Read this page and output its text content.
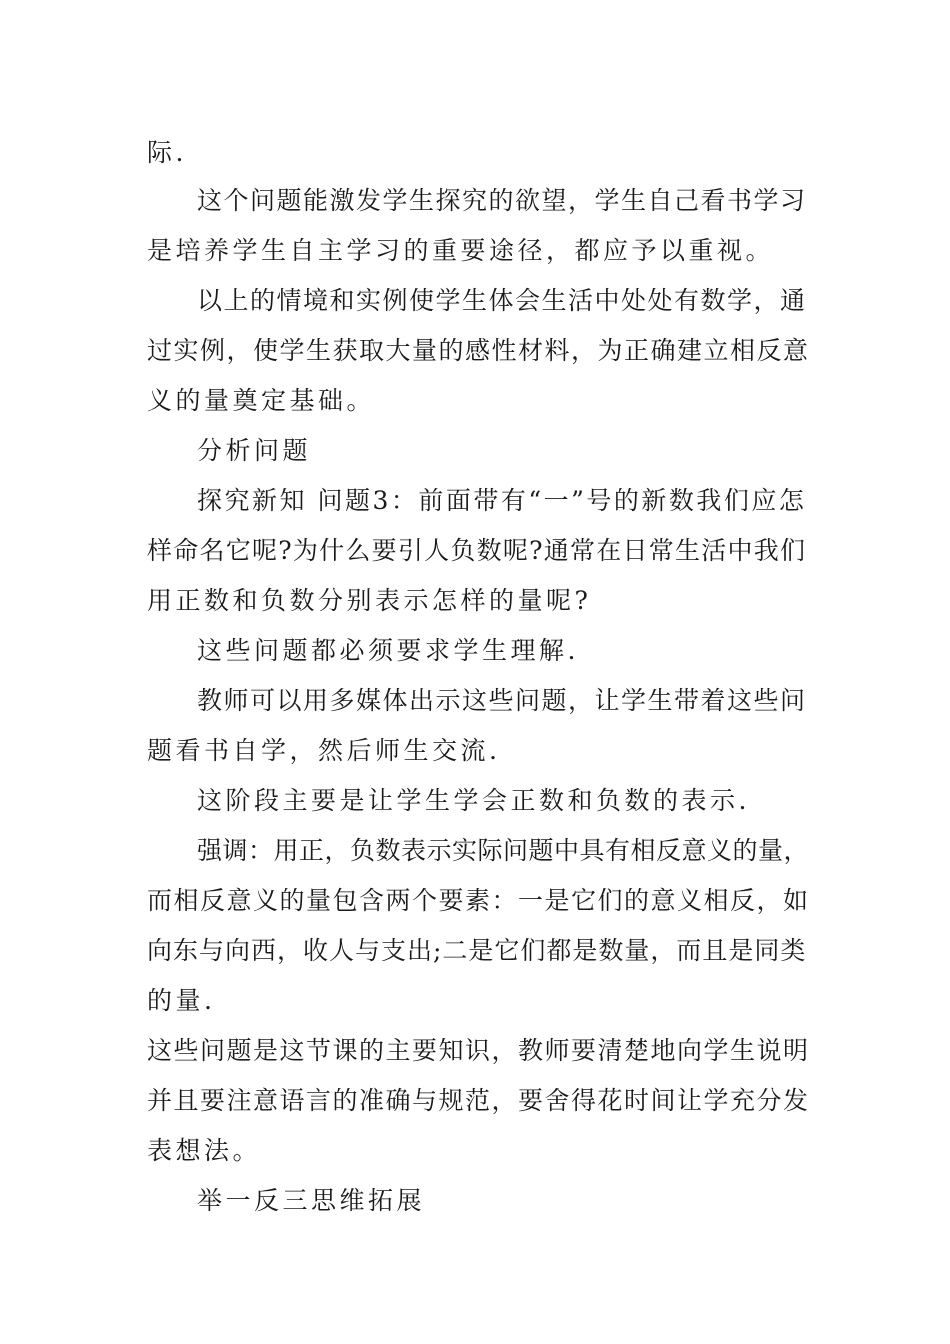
际.
这个问题能激发学生探究的欲望，学生自己看书学习
是培养学生自主学习的重要途径，都应予以重视。
以上的情境和实例使学生体会生活中处处有数学，通
过实例，使学生获取大量的感性材料，为正确建立相反意
义的量奠定基础。
分析问题
探究新知 问题3：前面带有“一”号的新数我们应怎
样命名它呢?为什么要引人负数呢?通常在日常生活中我们
用正数和负数分别表示怎样的量呢?
这些问题都必须要求学生理解.
教师可以用多媒体出示这些问题，让学生带着这些问
题看书自学，然后师生交流.
这阶段主要是让学生学会正数和负数的表示.
强调：用正，负数表示实际问题中具有相反意义的量，
而相反意义的量包含两个要素：一是它们的意义相反，如
向东与向西，收人与支出;二是它们都是数量，而且是同类
的量.
这些问题是这节课的主要知识，教师要清楚地向学生说明
并且要注意语言的准确与规范，要舍得花时间让学充分发
表想法。
举一反三思维拓展
